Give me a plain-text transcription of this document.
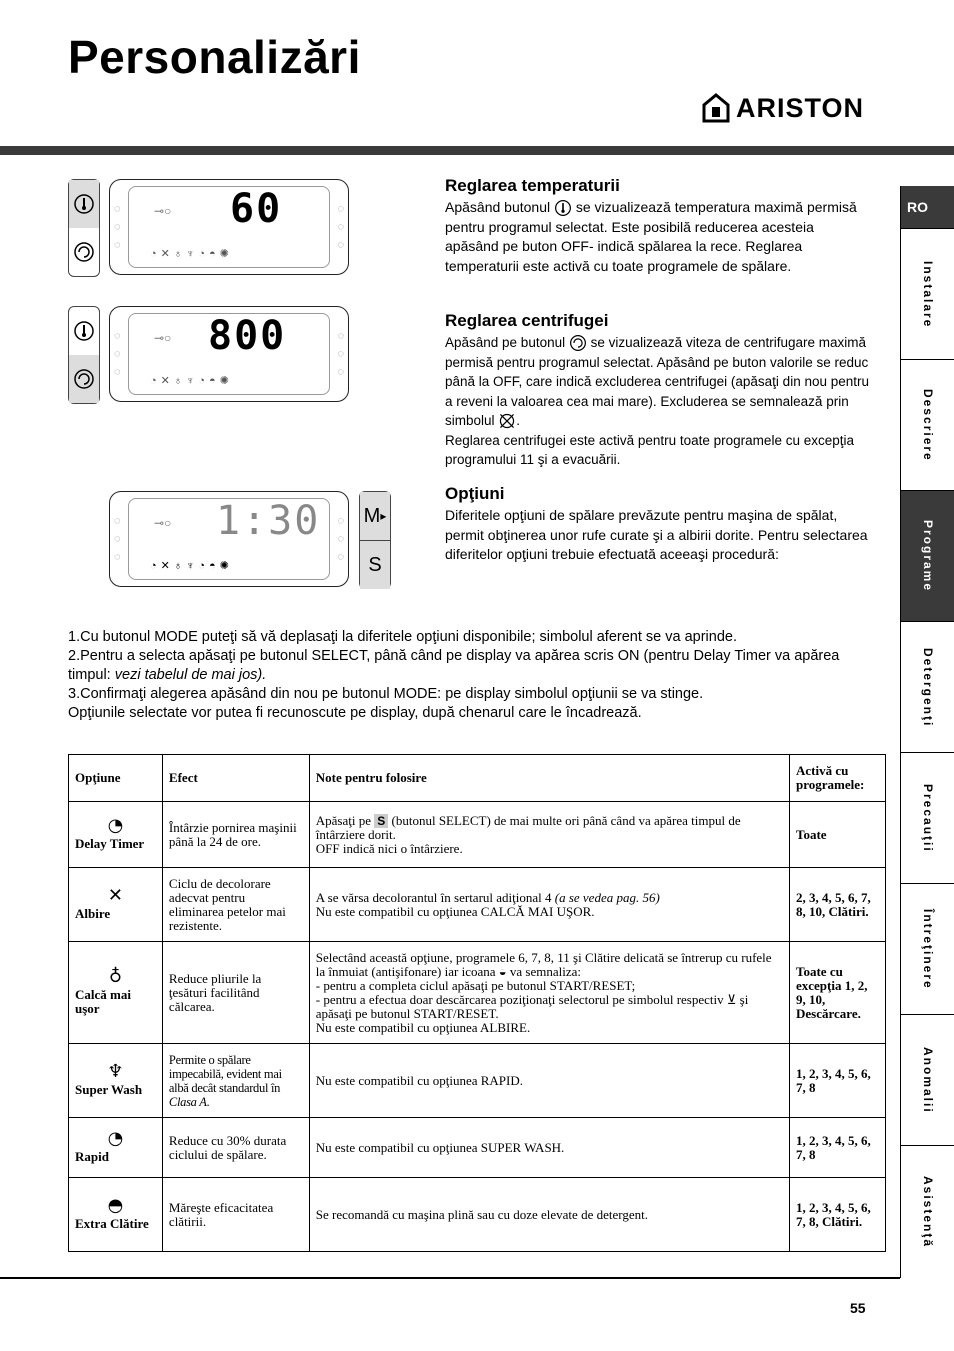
Personalizări
ARISTON
RO
Instalare
Descriere
Programe
Detergenţi
Precauţii
Întreţinere
Anomalii
Asistenţă
⊸○ 60
◌
◌
◌
◌
◌
◌
◔✕♁♆◔◓✺
⊸○ 800
◌
◌
◌
◌
◌
◌
◔✕♁♆◔◓✺
⊸○ 1:30
◌
◌
◌
◌
◌
◌
◔✕♁♆◔◓✺
M ▸
S
Reglarea temperaturii

Apăsând butonul se vizualizează temperatura maximă permisă pentru programul selectat. Este posibilă reducerea acesteia apăsând pe buton OFF- indică spălarea la rece. Reglarea temperaturii este activă cu toate programele de spălare.

Reglarea centrifugei

Apăsând pe butonul se vizualizează viteza de centrifugare maximă permisă pentru programul selectat. Apăsând pe buton valorile se reduc până la OFF, care indică excluderea centrifugei (apăsaţi din nou pentru a reveni la valoarea cea mai mare). Excluderea se semnalează prin simbolul .
Reglarea centrifugei este activă pentru toate programele cu excepţia programului 11 şi a evacuării.

Opţiuni

Diferitele opţiuni de spălare prevăzute pentru maşina de spălat, permit obţinerea unor rufe curate şi a albirii dorite. Pentru selectarea diferitelor opţiuni trebuie efectuată aceeaşi procedură:

1.Cu butonul MODE puteţi să vă deplasaţi la diferitele opţiuni disponibile; simbolul aferent se va aprinde.
2.Pentru a selecta apăsaţi pe butonul SELECT, până când pe display va apărea scris ON (pentru Delay Timer va apărea timpul: vezi tabelul de mai jos).
3.Confirmaţi alegerea apăsând din nou pe butonul MODE: pe display simbolul opţiunii se va stinge.
Opţiunile selectate vor putea fi recunoscute pe display, după chenarul care le încadrează.
Opţiune	Efect	Note pentru folosire	Activă cu programele:

◔
Delay Timer	Întârzie pornirea maşinii până la 24 de ore.	Apăsaţi pe S (butonul SELECT) de mai multe ori până când va apărea timpul de întârziere dorit.
OFF indică nici o întârziere.	Toate

✕
Albire	Ciclu de decolorare adecvat pentru eliminarea petelor mai rezistente.	A se vărsa decolorantul în sertarul adiţional 4 (a se vedea pag. 56)
Nu este compatibil cu opţiunea CALCĂ MAI UŞOR.	2, 3, 4, 5, 6, 7, 8, 10, Clătiri.

♁
Calcă mai uşor	Reduce pliurile la ţesături facilitând călcarea.	Selectând această opţiune, programele 6, 7, 8, 11 şi Clătire delicată se întrerup cu rufele la înmuiat (antişifonare) iar icoana ◒ va semnaliza:
- pentru a completa ciclul apăsaţi pe butonul START/RESET;
- pentru a efectua doar descărcarea poziţionaţi selectorul pe simbolul respectiv ⊻ şi apăsaţi pe butonul START/RESET.
Nu este compatibil cu opţiunea ALBIRE.	Toate cu excepţia 1, 2, 9, 10, Descărcare.

♆
Super Wash	Permite o spălare impecabilă, evident mai albă decât standardul în Clasa A.	Nu este compatibil cu opţiunea RAPID.	1, 2, 3, 4, 5, 6, 7, 8

◔
Rapid	Reduce cu 30% durata ciclului de spălare.	Nu este compatibil cu opţiunea SUPER WASH.	1, 2, 3, 4, 5, 6, 7, 8

◓
Extra Clătire	Măreşte eficacitatea clătirii.	Se recomandă cu maşina plină sau cu doze elevate de detergent.	1, 2, 3, 4, 5, 6, 7, 8, Clătiri.
55
